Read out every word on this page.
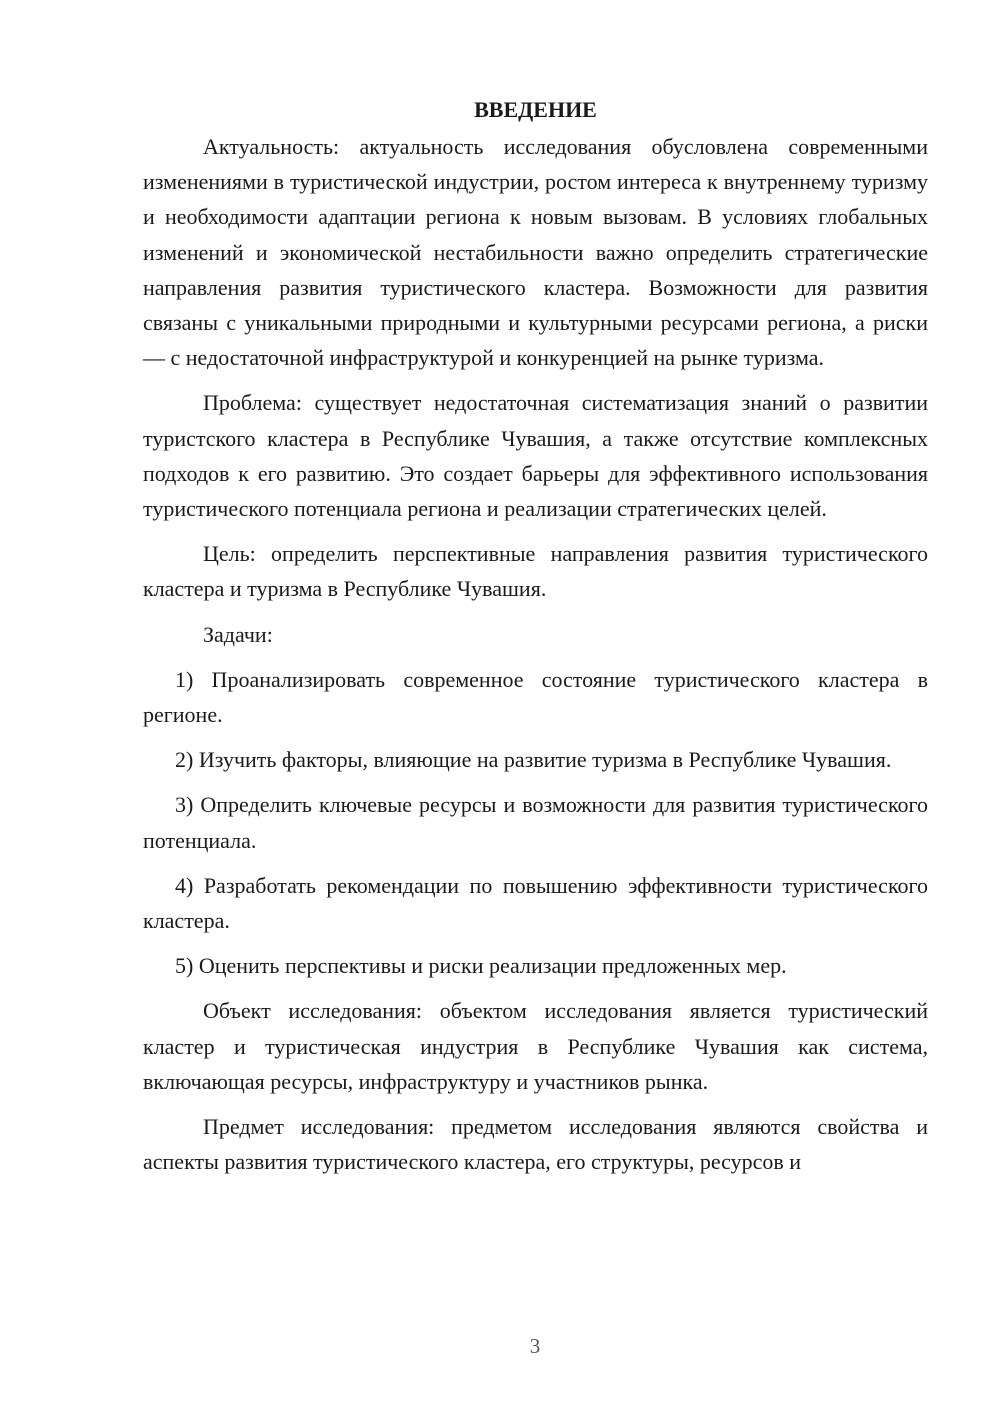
ВВЕДЕНИЕ

Актуальность: актуальность исследования обусловлена современными изменениями в туристической индустрии, ростом интереса к внутреннему туризму и необходимости адаптации региона к новым вызовам. В условиях глобальных изменений и экономической нестабильности важно определить стратегические направления развития туристического кластера. Возможности для развития связаны с уникальными природными и культурными ресурсами региона, а риски — с недостаточной инфраструктурой и конкуренцией на рынке туризма.

Проблема: существует недостаточная систематизация знаний о развитии туристского кластера в Республике Чувашия, а также отсутствие комплексных подходов к его развитию. Это создает барьеры для эффективного использования туристического потенциала региона и реализации стратегических целей.

Цель: определить перспективные направления развития туристического кластера и туризма в Республике Чувашия.

Задачи:

1) Проанализировать современное состояние туристического кластера в регионе.

2) Изучить факторы, влияющие на развитие туризма в Республике Чувашия.

3) Определить ключевые ресурсы и возможности для развития туристического потенциала.

4) Разработать рекомендации по повышению эффективности туристического кластера.

5) Оценить перспективы и риски реализации предложенных мер.

Объект исследования: объектом исследования является туристический кластер и туристическая индустрия в Республике Чувашия как система, включающая ресурсы, инфраструктуру и участников рынка.

Предмет исследования: предметом исследования являются свойства и аспекты развития туристического кластера, его структуры, ресурсов и

3
